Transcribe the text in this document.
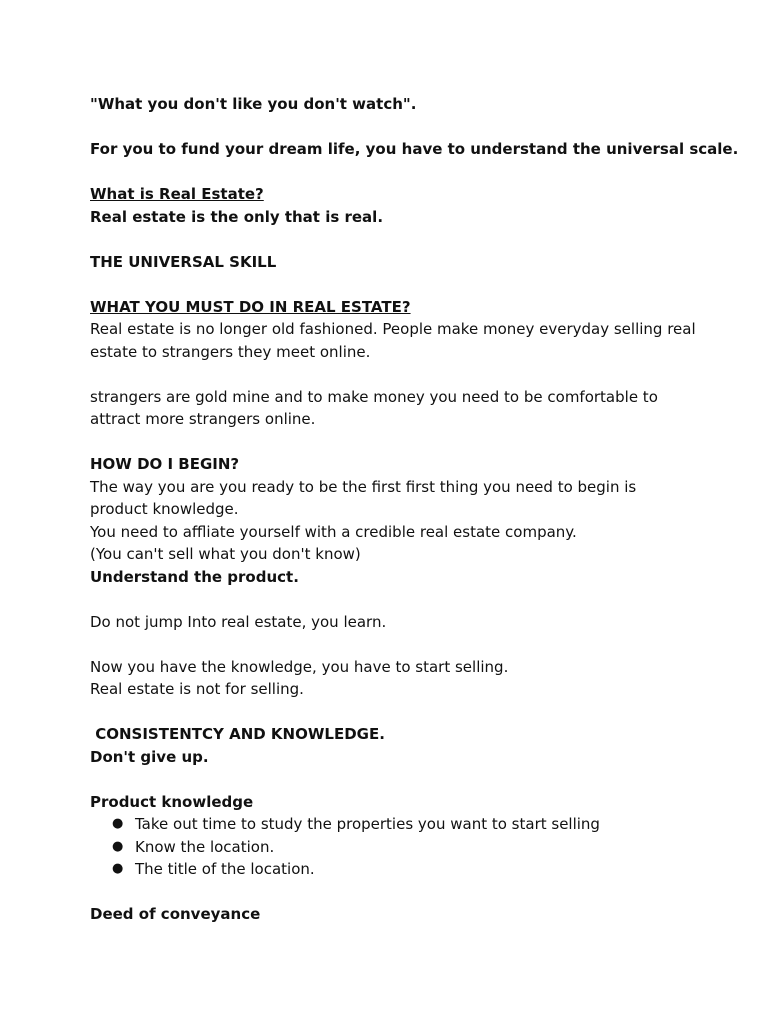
"What you don't like you don't watch".
For you to fund your dream life, you have to understand the universal scale.
What is Real Estate?
Real estate is the only that is real.
THE UNIVERSAL SKILL
WHAT YOU MUST DO IN REAL ESTATE?
Real estate is no longer old fashioned. People make money everyday selling real
estate to strangers they meet online.
strangers are gold mine and to make money you need to be comfortable to
attract more strangers online.
HOW DO I BEGIN?
The way you are you ready to be the first first thing you need to begin is
product knowledge.
You need to affliate yourself with a credible real estate company.
(You can't sell what you don't know)
Understand the product.
Do not jump Into real estate, you learn.
Now you have the knowledge, you have to start selling.
Real estate is not for selling.
CONSISTENTCY AND KNOWLEDGE.
Don't give up.
Product knowledge
● Take out time to study the properties you want to start selling
● Know the location.
● The title of the location.
Deed of conveyance
